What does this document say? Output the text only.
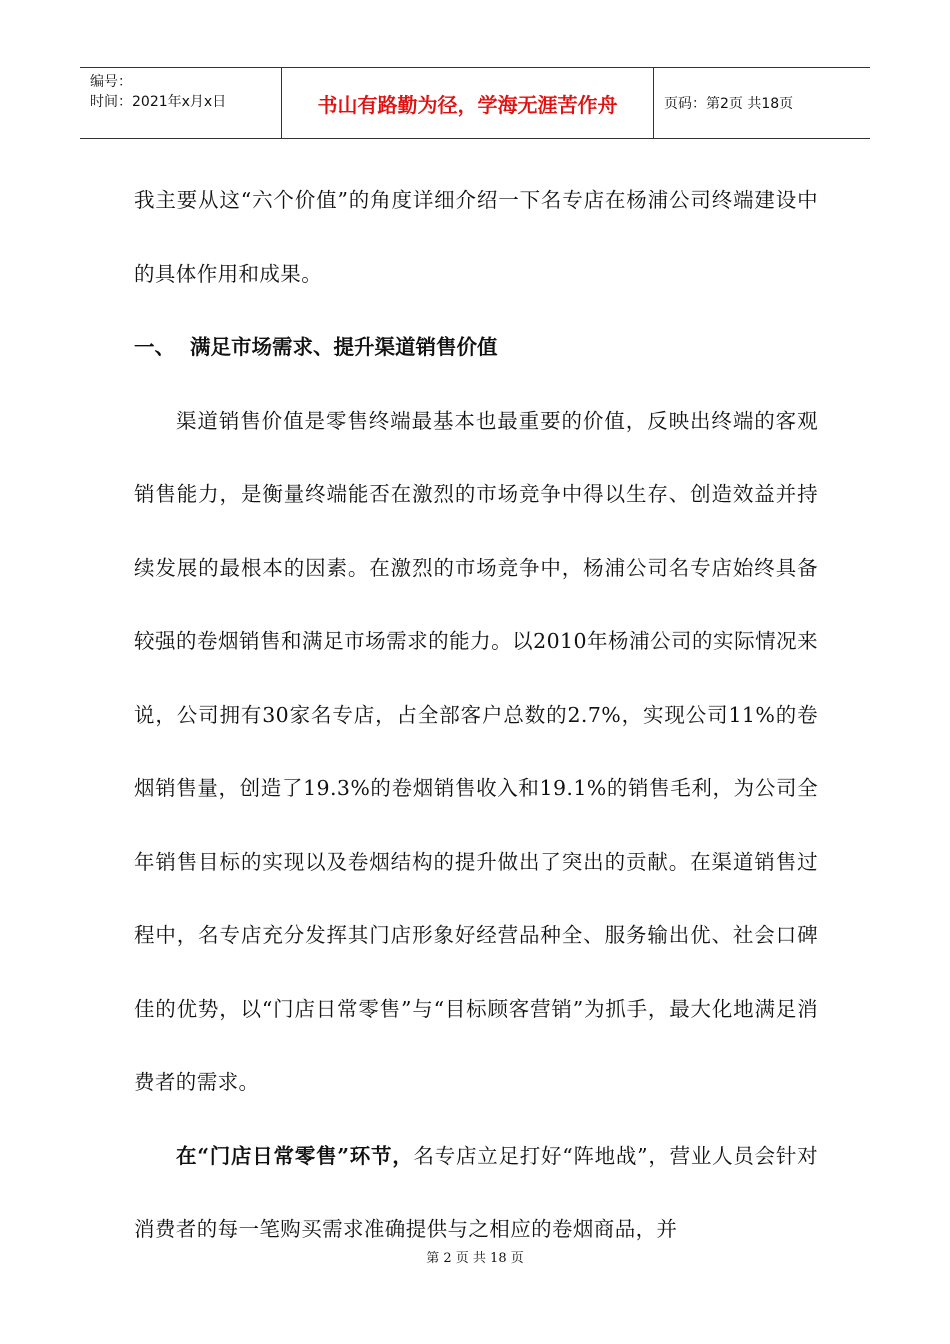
编号：
时间：2021年x月x日	书山有路勤为径，学海无涯苦作舟	页码：第2页 共18页

我主要从这“六个价值”的角度详细介绍一下名专店在杨浦公司终端建设中的具体作用和成果。

一、 满足市场需求、提升渠道销售价值

渠道销售价值是零售终端最基本也最重要的价值，反映出终端的客观销售能力，是衡量终端能否在激烈的市场竞争中得以生存、创造效益并持续发展的最根本的因素。在激烈的市场竞争中，杨浦公司名专店始终具备较强的卷烟销售和满足市场需求的能力。以2010年杨浦公司的实际情况来说，公司拥有30家名专店，占全部客户总数的2.7%，实现公司11%的卷烟销售量，创造了19.3%的卷烟销售收入和19.1%的销售毛利，为公司全年销售目标的实现以及卷烟结构的提升做出了突出的贡献。在渠道销售过程中，名专店充分发挥其门店形象好经营品种全、服务输出优、社会口碑佳的优势，以“门店日常零售”与“目标顾客营销”为抓手，最大化地满足消费者的需求。

在“门店日常零售”环节，名专店立足打好“阵地战”，营业人员会针对消费者的每一笔购买需求准确提供与之相应的卷烟商品，并

第 2 页 共 18 页
